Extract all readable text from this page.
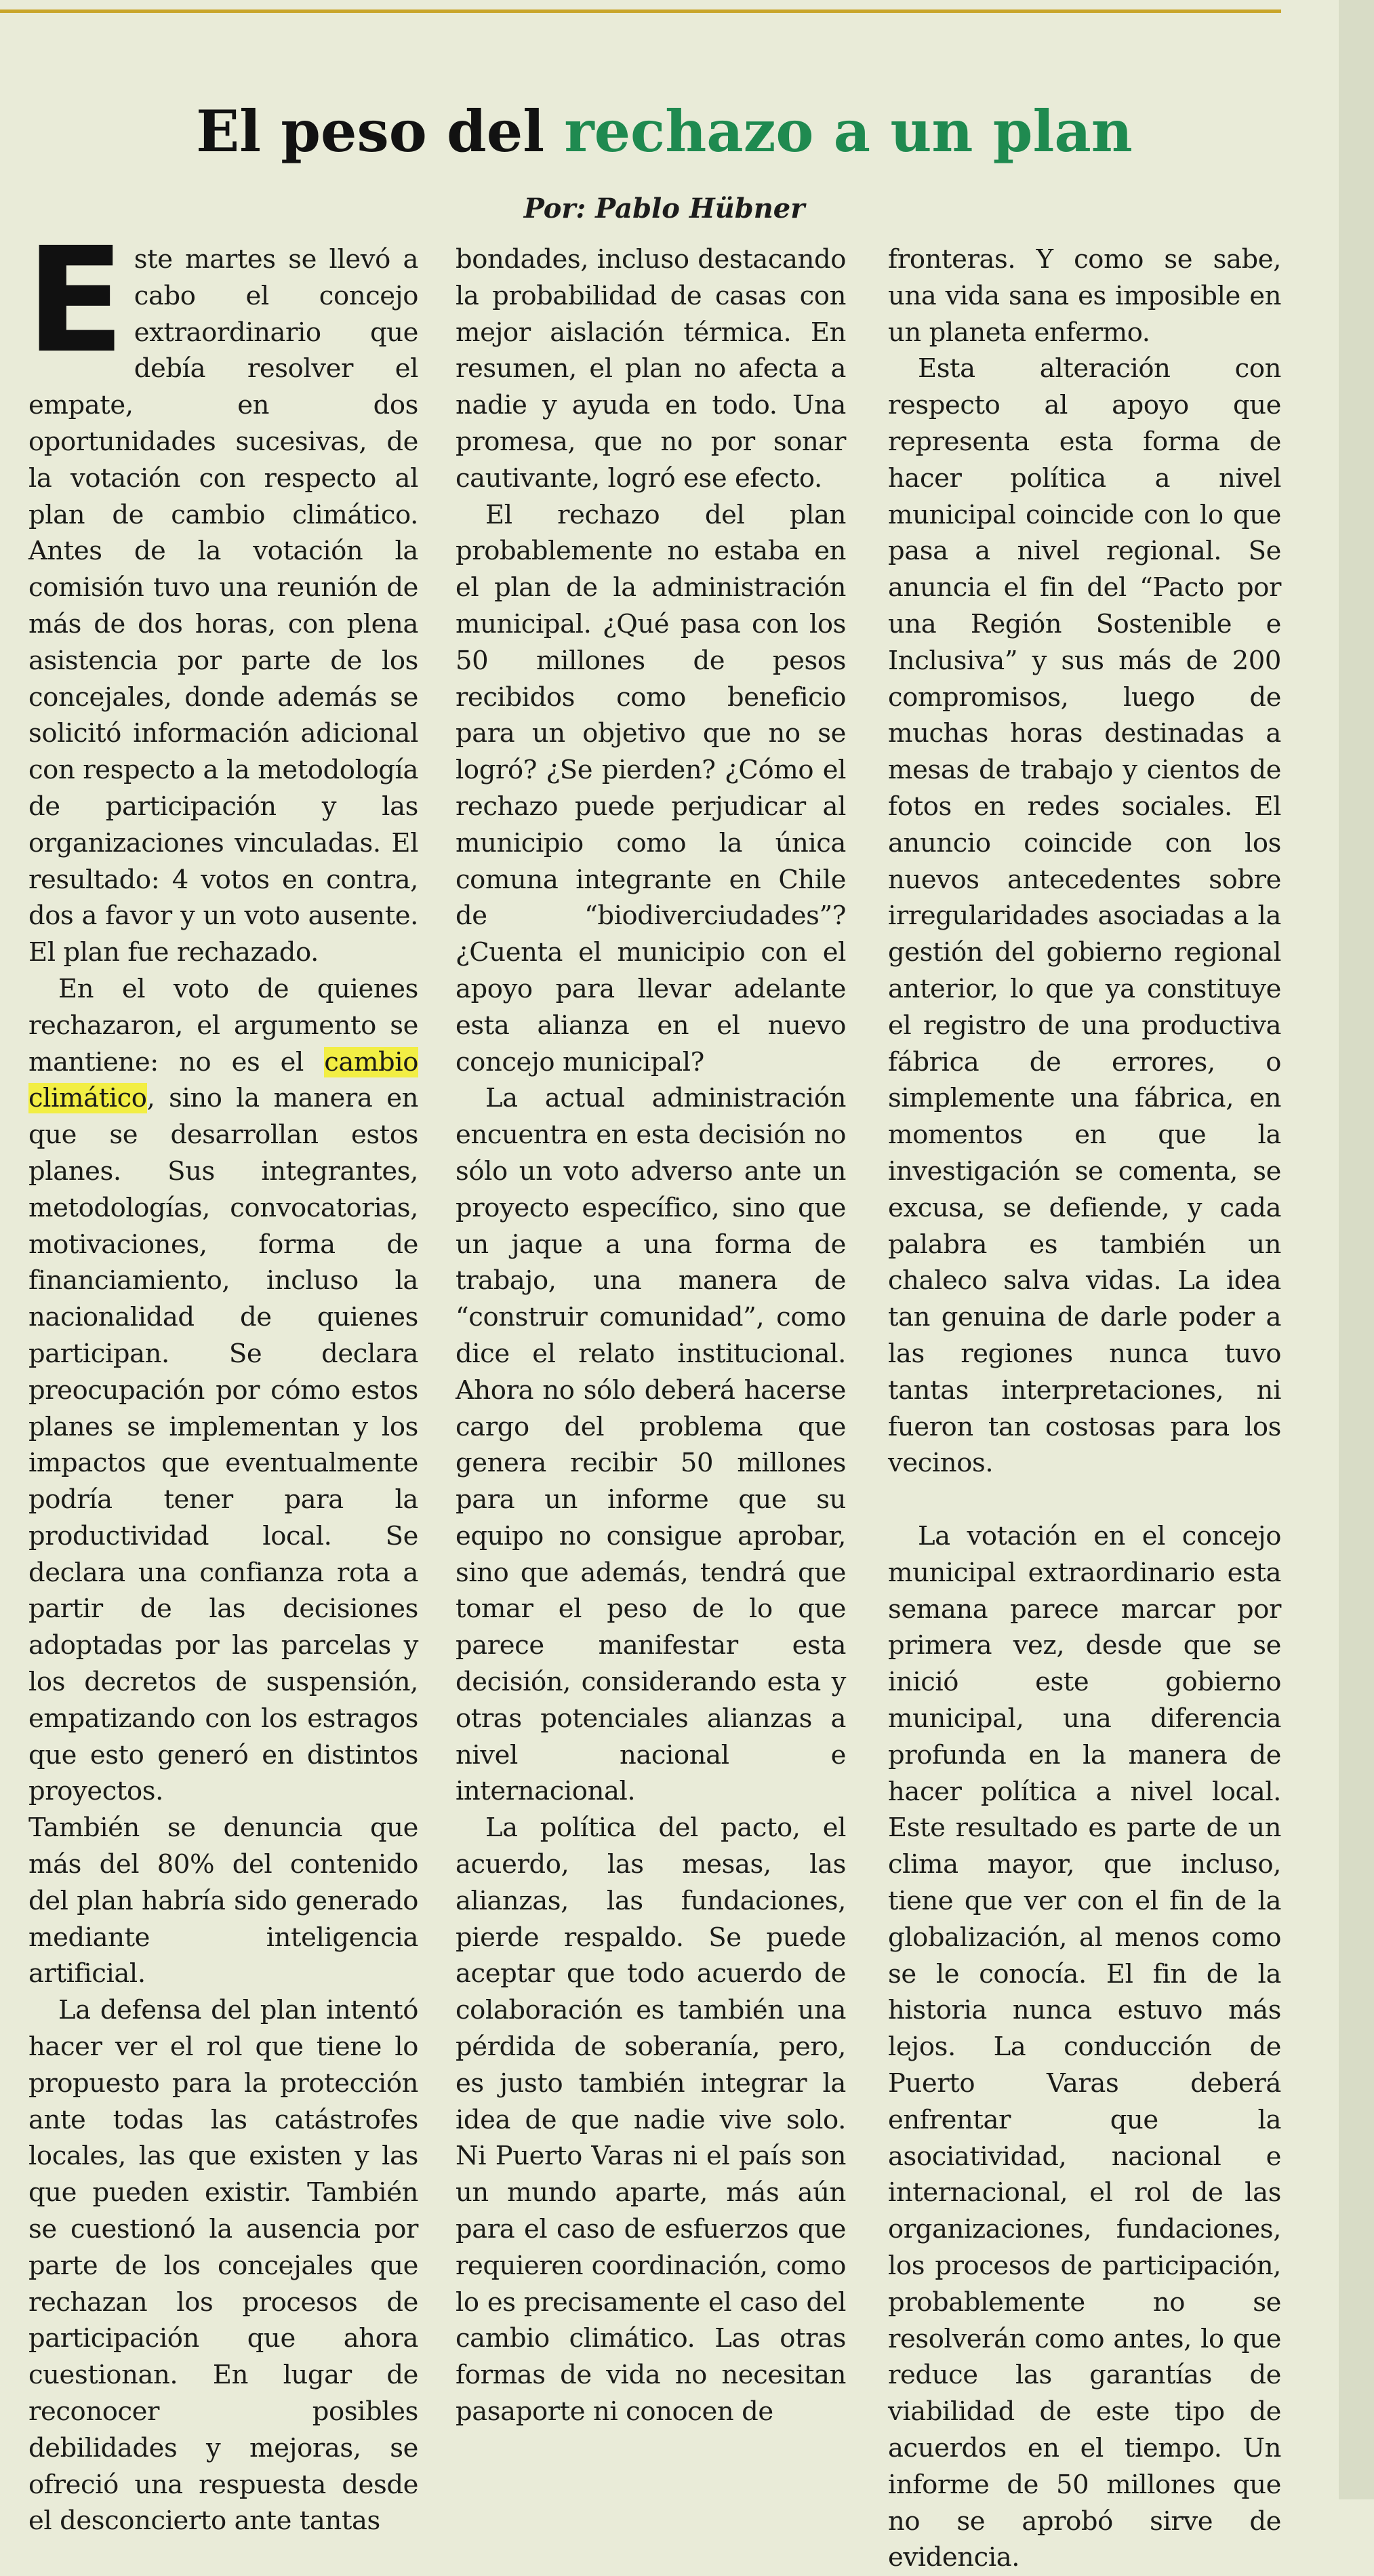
El peso del rechazo a un plan
Por: Pablo Hübner

Este martes se llevó a cabo el concejo extraordinario que debía resolver el empate, en dos oportunidades sucesivas, de la votación con respecto al plan de cambio climático. Antes de la votación la comisión tuvo una reunión de más de dos horas, con plena asistencia por parte de los concejales, donde además se solicitó información adicional con respecto a la metodología de participación y las organizaciones vinculadas. El resultado: 4 votos en contra, dos a favor y un voto ausente. El plan fue rechazado.

En el voto de quienes rechazaron, el argumento se mantiene: no es el cambio climático, sino la manera en que se desarrollan estos planes. Sus integrantes, metodologías, convocatorias, motivaciones, forma de financiamiento, incluso la nacionalidad de quienes participan. Se declara preocupación por cómo estos planes se implementan y los impactos que eventualmente podría tener para la productividad local. Se declara una confianza rota a partir de las decisiones adoptadas por las parcelas y los decretos de suspensión, empatizando con los estragos que esto generó en distintos proyectos.

También se denuncia que más del 80% del contenido del plan habría sido generado mediante inteligencia artificial.

La defensa del plan intentó hacer ver el rol que tiene lo propuesto para la protección ante todas las catástrofes locales, las que existen y las que pueden existir. También se cuestionó la ausencia por parte de los concejales que rechazan los procesos de participación que ahora cuestionan. En lugar de reconocer posibles debilidades y mejoras, se ofreció una respuesta desde el desconcierto ante tantas

bondades, incluso destacando la probabilidad de casas con mejor aislación térmica. En resumen, el plan no afecta a nadie y ayuda en todo. Una promesa, que no por sonar cautivante, logró ese efecto.

El rechazo del plan probablemente no estaba en el plan de la administración municipal. ¿Qué pasa con los 50 millones de pesos recibidos como beneficio para un objetivo que no se logró? ¿Se pierden? ¿Cómo el rechazo puede perjudicar al municipio como la única comuna integrante en Chile de “biodiverciudades”? ¿Cuenta el municipio con el apoyo para llevar adelante esta alianza en el nuevo concejo municipal?

La actual administración encuentra en esta decisión no sólo un voto adverso ante un proyecto específico, sino que un jaque a una forma de trabajo, una manera de “construir comunidad”, como dice el relato institucional. Ahora no sólo deberá hacerse cargo del problema que genera recibir 50 millones para un informe que su equipo no consigue aprobar, sino que además, tendrá que tomar el peso de lo que parece manifestar esta decisión, considerando esta y otras potenciales alianzas a nivel nacional e internacional.

La política del pacto, el acuerdo, las mesas, las alianzas, las fundaciones, pierde respaldo. Se puede aceptar que todo acuerdo de colaboración es también una pérdida de soberanía, pero, es justo también integrar la idea de que nadie vive solo. Ni Puerto Varas ni el país son un mundo aparte, más aún para el caso de esfuerzos que requieren coordinación, como lo es precisamente el caso del cambio climático. Las otras formas de vida no necesitan pasaporte ni conocen de

fronteras. Y como se sabe, una vida sana es imposible en un planeta enfermo.

Esta alteración con respecto al apoyo que representa esta forma de hacer política a nivel municipal coincide con lo que pasa a nivel regional. Se anuncia el fin del “Pacto por una Región Sostenible e Inclusiva” y sus más de 200 compromisos, luego de muchas horas destinadas a mesas de trabajo y cientos de fotos en redes sociales. El anuncio coincide con los nuevos antecedentes sobre irregularidades asociadas a la gestión del gobierno regional anterior, lo que ya constituye el registro de una productiva fábrica de errores, o simplemente una fábrica, en momentos en que la investigación se comenta, se excusa, se defiende, y cada palabra es también un chaleco salva vidas. La idea tan genuina de darle poder a las regiones nunca tuvo tantas interpretaciones, ni fueron tan costosas para los vecinos.

La votación en el concejo municipal extraordinario esta semana parece marcar por primera vez, desde que se inició este gobierno municipal, una diferencia profunda en la manera de hacer política a nivel local. Este resultado es parte de un clima mayor, que incluso, tiene que ver con el fin de la globalización, al menos como se le conocía. El fin de la historia nunca estuvo más lejos. La conducción de Puerto Varas deberá enfrentar que la asociatividad, nacional e internacional, el rol de las organizaciones, fundaciones, los procesos de participación, probablemente no se resolverán como antes, lo que reduce las garantías de viabilidad de este tipo de acuerdos en el tiempo. Un informe de 50 millones que no se aprobó sirve de evidencia.
